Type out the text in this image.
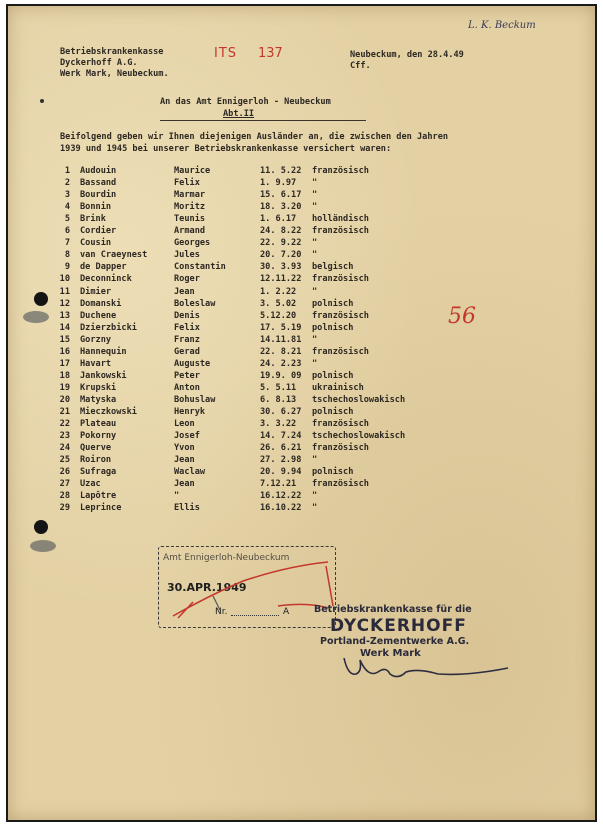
L. K. Beckum
Betriebskrankenkasse
Dyckerhoff A.G.
Werk Mark, Neubeckum.
ITS 137	Neubeckum, den 28.4.49
Cff.
An das Amt Ennigerloh - Neubeckum
Abt.II
Beifolgend geben wir Ihnen diejenigen Ausländer an, die zwischen den Jahren
1939 und 1945 bei unserer Betriebskrankenkasse versichert waren:
1 Audouin	Maurice	11. 5.22 französisch
2 Bassand	Felix	1. 9.97 "
3 Bourdin	Marmar	15. 6.17 "
4 Bonnin	Moritz	18. 3.20 "
5 Brink	Teunis	1. 6.17 holländisch
6 Cordier	Armand	24. 8.22 französisch
7 Cousin	Georges	22. 9.22 "
8 van Craeynest	Jules	20. 7.20 "
9 de Dapper	Constantin	30. 3.93 belgisch
10 Deconninck	Roger	12.11.22 französisch
11 Dimier	Jean	1. 2.22 "
12 Domanski	Boleslaw	3. 5.02 polnisch
13 Duchene	Denis	5.12.20 französisch
14 Dzierzbicki	Felix	17. 5.19 polnisch
15 Gorzny	Franz	14.11.81 "
16 Hannequin	Gerad	22. 8.21 französisch
17 Havart	Auguste	24. 2.23 "
18 Jankowski	Peter	19.9. 09 polnisch
19 Krupski	Anton	5. 5.11 ukrainisch
20 Matyska	Bohuslaw	6. 8.13 tschechoslowakisch
21 Mieczkowski	Henryk	30. 6.27 polnisch
22 Plateau	Leon	3. 3.22 französisch
23 Pokorny	Josef	14. 7.24 tschechoslowakisch
24 Querve	Yvon	26. 6.21 französisch
25 Roiron	Jean	27. 2.98 "
26 Sufraga	Waclaw	20. 9.94 polnisch
27 Uzac	Jean	7.12.21 französisch
28 Lapôtre	"	16.12.22 "
29 Leprince	Ellis	16.10.22 "
56
Amt Ennigerloh-Neubeckum
30.APR.1949
Nr.	A	Betriebskrankenkasse für die
DYCKERHOFF
Portland-Zementwerke A.G.
Werk Mark
